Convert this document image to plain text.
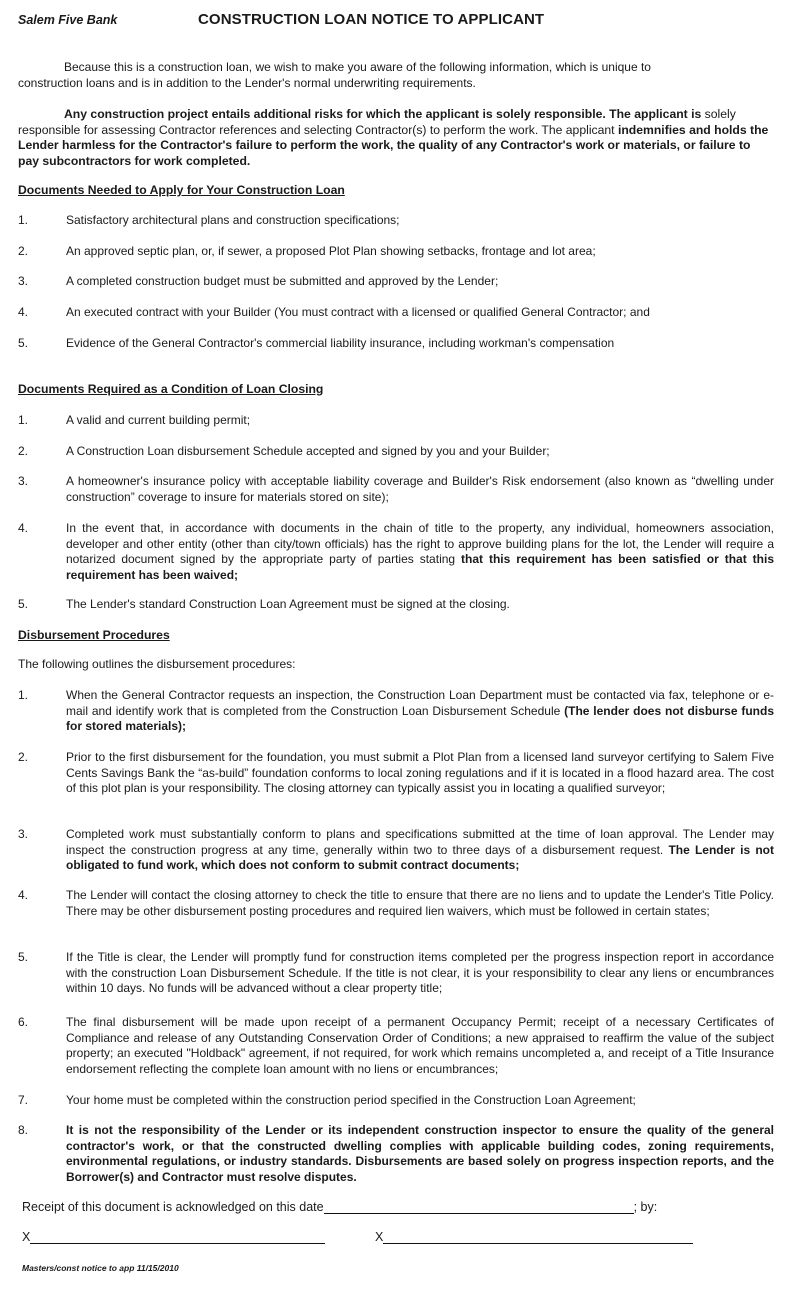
Salem Five Bank	CONSTRUCTION LOAN NOTICE TO APPLICANT
Because this is a construction loan, we wish to make you aware of the following information, which is unique to construction loans and is in addition to the Lender's normal underwriting requirements.
Any construction project entails additional risks for which the applicant is solely responsible. The applicant is solely responsible for assessing Contractor references and selecting Contractor(s) to perform the work. The applicant indemnifies and holds the Lender harmless for the Contractor's failure to perform the work, the quality of any Contractor's work or materials, or failure to pay subcontractors for work completed.
Documents Needed to Apply for Your Construction Loan
1.	Satisfactory architectural plans and construction specifications;
2.	An approved septic plan, or, if sewer, a proposed Plot Plan showing setbacks, frontage and lot area;
3.	A completed construction budget must be submitted and approved by the Lender;
4.	An executed contract with your Builder (You must contract with a licensed or qualified General Contractor; and
5.	Evidence of the General Contractor's commercial liability insurance, including workman's compensation
Documents Required as a Condition of Loan Closing
1.	A valid and current building permit;
2.	A Construction Loan disbursement Schedule accepted and signed by you and your Builder;
3.	A homeowner's insurance policy with acceptable liability coverage and Builder's Risk endorsement (also known as “dwelling under construction” coverage to insure for materials stored on site);
4.	In the event that, in accordance with documents in the chain of title to the property, any individual, homeowners association, developer and other entity (other than city/town officials) has the right to approve building plans for the lot, the Lender will require a notarized document signed by the appropriate party of parties stating that this requirement has been satisfied or that this requirement has been waived;
5.	The Lender's standard Construction Loan Agreement must be signed at the closing.
Disbursement Procedures
The following outlines the disbursement procedures:
1.	When the General Contractor requests an inspection, the Construction Loan Department must be contacted via fax, telephone or e-mail and identify work that is completed from the Construction Loan Disbursement Schedule (The lender does not disburse funds for stored materials);
2.	Prior to the first disbursement for the foundation, you must submit a Plot Plan from a licensed land surveyor certifying to Salem Five Cents Savings Bank the “as-build” foundation conforms to local zoning regulations and if it is located in a flood hazard area. The cost of this plot plan is your responsibility. The closing attorney can typically assist you in locating a qualified surveyor;
3.	Completed work must substantially conform to plans and specifications submitted at the time of loan approval. The Lender may inspect the construction progress at any time, generally within two to three days of a disbursement request. The Lender is not obligated to fund work, which does not conform to submit contract documents;
4.	The Lender will contact the closing attorney to check the title to ensure that there are no liens and to update the Lender's Title Policy. There may be other disbursement posting procedures and required lien waivers, which must be followed in certain states;
5.	If the Title is clear, the Lender will promptly fund for construction items completed per the progress inspection report in accordance with the construction Loan Disbursement Schedule. If the title is not clear, it is your responsibility to clear any liens or encumbrances within 10 days. No funds will be advanced without a clear property title;
6.	The final disbursement will be made upon receipt of a permanent Occupancy Permit; receipt of a necessary Certificates of Compliance and release of any Outstanding Conservation Order of Conditions; a new appraised to reaffirm the value of the subject property; an executed "Holdback" agreement, if not required, for work which remains uncompleted a, and receipt of a Title Insurance endorsement reflecting the complete loan amount with no liens or encumbrances;
7.	Your home must be completed within the construction period specified in the Construction Loan Agreement;
8.	It is not the responsibility of the Lender or its independent construction inspector to ensure the quality of the general contractor's work, or that the constructed dwelling complies with applicable building codes, zoning requirements, environmental regulations, or industry standards. Disbursements are based solely on progress inspection reports, and the Borrower(s) and Contractor must resolve disputes.
Receipt of this document is acknowledged on this date	; by:
X	X
Masters/const notice to app 11/15/2010
